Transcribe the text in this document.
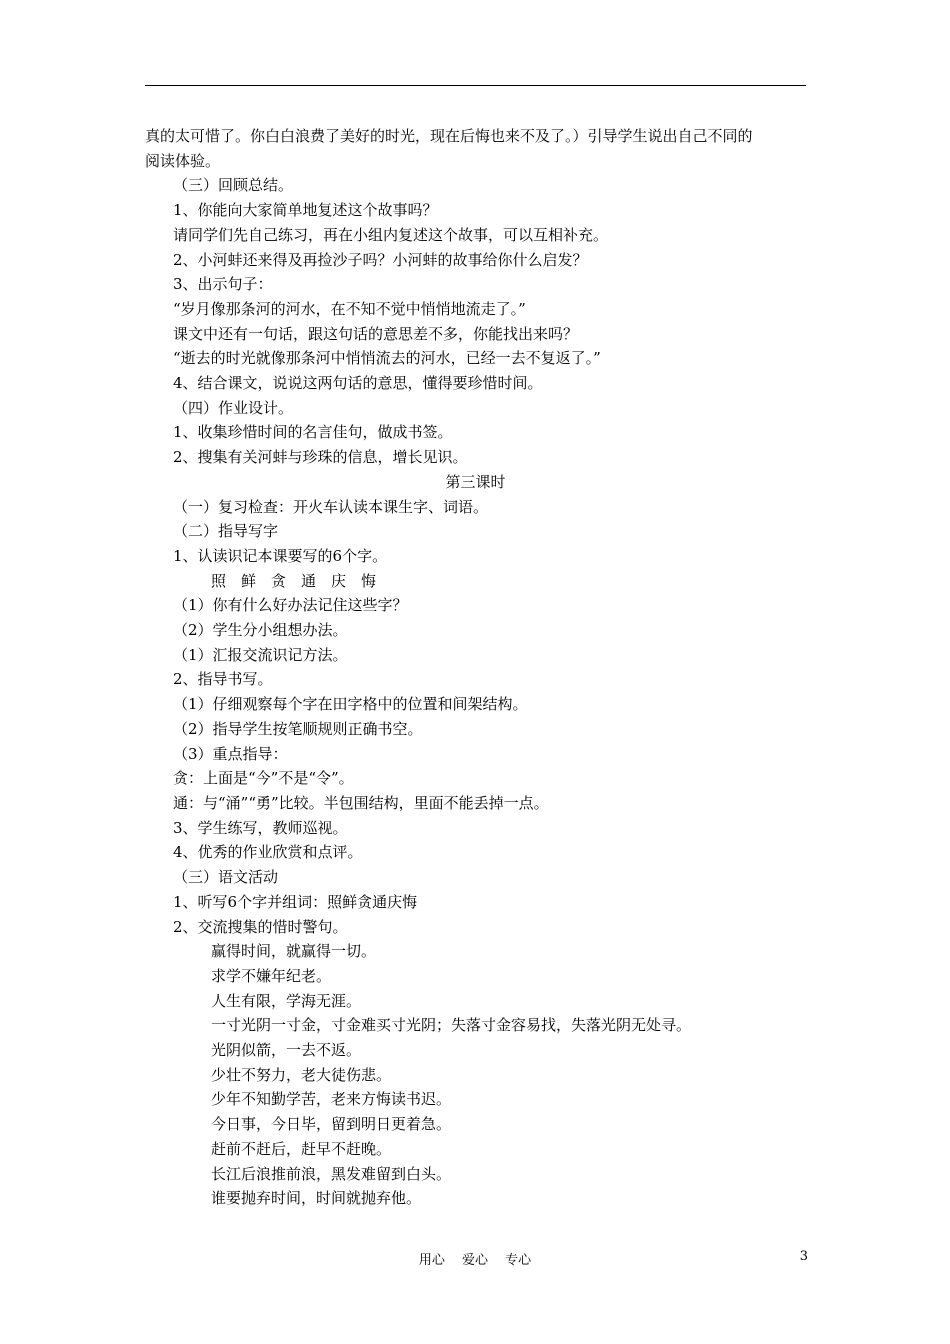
真的太可惜了。你白白浪费了美好的时光，现在后悔也来不及了。）引导学生说出自己不同的
阅读体验。
（三）回顾总结。
1、你能向大家简单地复述这个故事吗？
请同学们先自己练习，再在小组内复述这个故事，可以互相补充。
2、小河蚌还来得及再捡沙子吗？小河蚌的故事给你什么启发？
3、出示句子：
“岁月像那条河的河水，在不知不觉中悄悄地流走了。”
课文中还有一句话，跟这句话的意思差不多，你能找出来吗？
“逝去的时光就像那条河中悄悄流去的河水，已经一去不复返了。”
4、结合课文，说说这两句话的意思，懂得要珍惜时间。
（四）作业设计。
1、收集珍惜时间的名言佳句，做成书签。
2、搜集有关河蚌与珍珠的信息，增长见识。
第三课时
（一）复习检查：开火车认读本课生字、词语。
（二）指导写字
1、认读识记本课要写的6个字。
照　鲜　贪　通　庆　悔
（1）你有什么好办法记住这些字？
（2）学生分小组想办法。
（1）汇报交流识记方法。
2、指导书写。
（1）仔细观察每个字在田字格中的位置和间架结构。
（2）指导学生按笔顺规则正确书空。
（3）重点指导：
贪：上面是“今”不是“令”。
通：与“涌”“勇”比较。半包围结构，里面不能丢掉一点。
3、学生练写，教师巡视。
4、优秀的作业欣赏和点评。
（三）语文活动
1、听写6个字并组词：照鲜贪通庆悔
2、交流搜集的惜时警句。
赢得时间，就赢得一切。
求学不嫌年纪老。
人生有限，学海无涯。
一寸光阴一寸金，寸金难买寸光阴；失落寸金容易找，失落光阴无处寻。
光阴似箭，一去不返。
少壮不努力，老大徒伤悲。
少年不知勤学苦，老来方悔读书迟。
今日事，今日毕，留到明日更着急。
赶前不赶后，赶早不赶晚。
长江后浪推前浪，黑发难留到白头。
谁要抛弃时间，时间就抛弃他。
用心　 爱心　 专心	3
